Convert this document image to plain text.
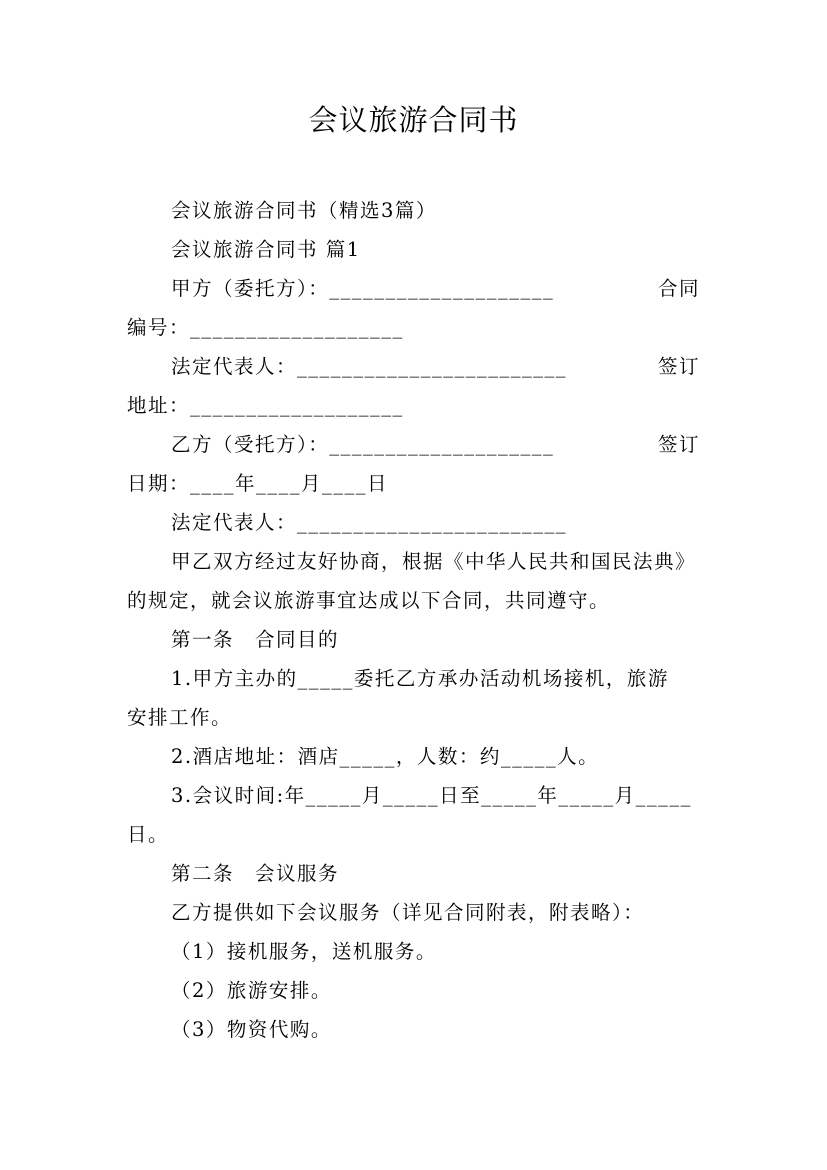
会议旅游合同书
会议旅游合同书（精选3篇）
会议旅游合同书 篇1
甲方（委托方）：____________________	合同
编号：___________________
法定代表人：________________________	签订
地址：___________________
乙方（受托方）：____________________	签订
日期：____年____月____日
法定代表人：________________________
甲乙双方经过友好协商，根据《中华人民共和国民法典》
的规定，就会议旅游事宜达成以下合同，共同遵守。
第一条　合同目的
1.甲方主办的_____委托乙方承办活动机场接机，旅游
安排工作。
2.酒店地址：酒店_____，人数：约_____人。
3.会议时间:年_____月_____日至_____年_____月_____
日。
第二条　会议服务
乙方提供如下会议服务（详见合同附表，附表略）：
（1）接机服务，送机服务。
（2）旅游安排。
（3）物资代购。
